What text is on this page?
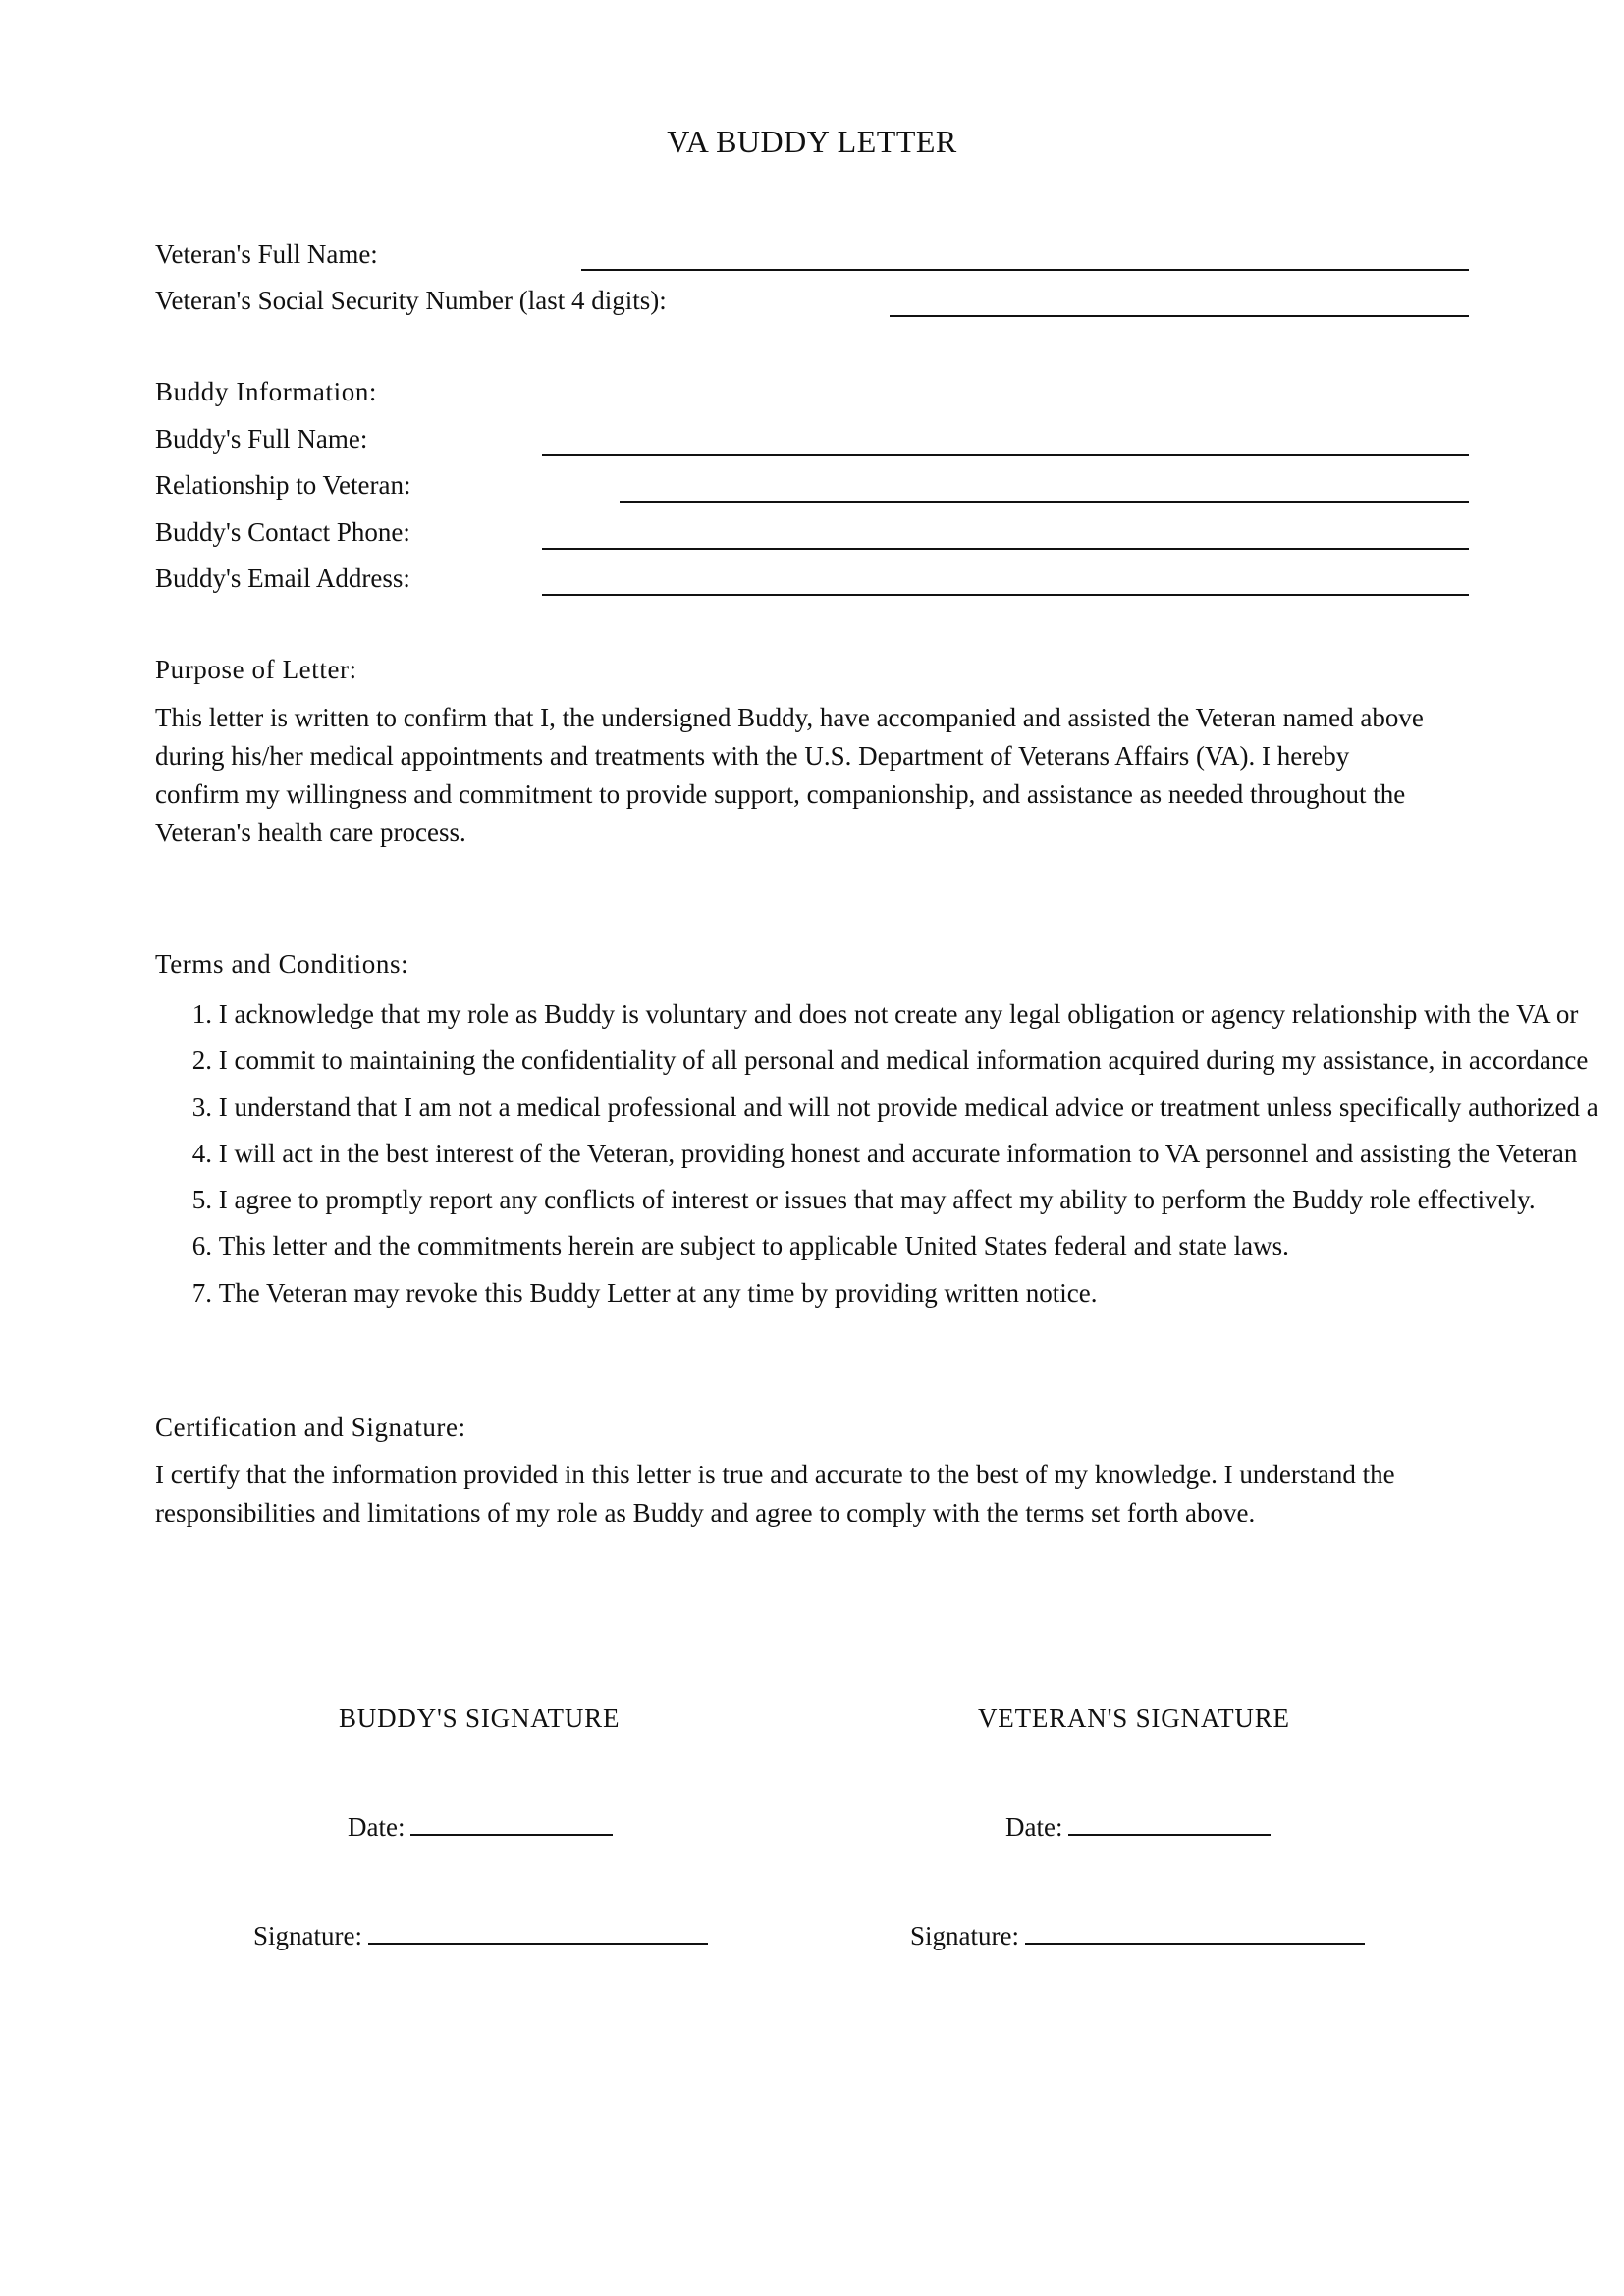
VA BUDDY LETTER
Veteran's Full Name:
Veteran's Social Security Number (last 4 digits):
Buddy Information:
Buddy's Full Name:
Relationship to Veteran:
Buddy's Contact Phone:
Buddy's Email Address:
Purpose of Letter:
This letter is written to confirm that I, the undersigned Buddy, have accompanied and assisted the Veteran named above
during his/her medical appointments and treatments with the U.S. Department of Veterans Affairs (VA). I hereby
confirm my willingness and commitment to provide support, companionship, and assistance as needed throughout the
Veteran's health care process.
Terms and Conditions:
1. I acknowledge that my role as Buddy is voluntary and does not create any legal obligation or agency relationship with the VA or
2. I commit to maintaining the confidentiality of all personal and medical information acquired during my assistance, in accordance
3. I understand that I am not a medical professional and will not provide medical advice or treatment unless specifically authorized a
4. I will act in the best interest of the Veteran, providing honest and accurate information to VA personnel and assisting the Veteran
5. I agree to promptly report any conflicts of interest or issues that may affect my ability to perform the Buddy role effectively.
6. This letter and the commitments herein are subject to applicable United States federal and state laws.
7. The Veteran may revoke this Buddy Letter at any time by providing written notice.
Certification and Signature:
I certify that the information provided in this letter is true and accurate to the best of my knowledge. I understand the
responsibilities and limitations of my role as Buddy and agree to comply with the terms set forth above.
BUDDY'S SIGNATURE	VETERAN'S SIGNATURE
Date:	Date:
Signature:	Signature:
